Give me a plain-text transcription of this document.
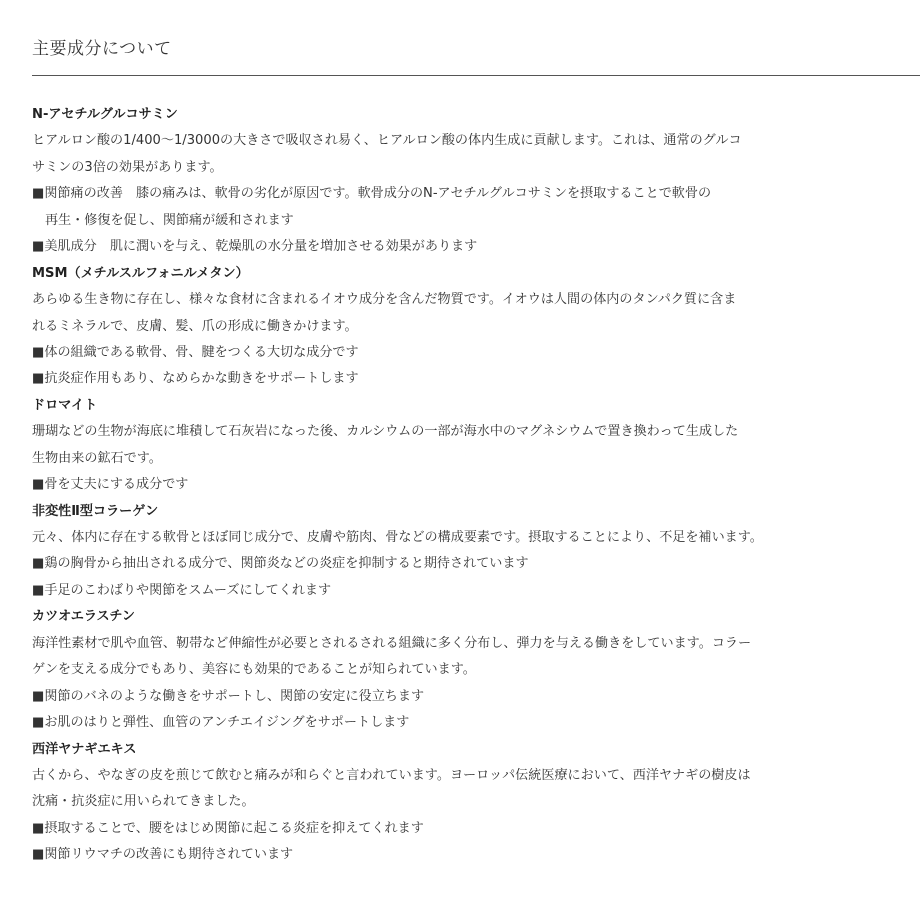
主要成分について
N-アセチルグルコサミン
ヒアルロン酸の1/400～1/3000の大きさで吸収され易く、ヒアルロン酸の体内生成に貢献します。これは、通常のグルコ
サミンの3倍の効果があります。
■関節痛の改善　膝の痛みは、軟骨の劣化が原因です。軟骨成分のN-アセチルグルコサミンを摂取することで軟骨の
再生・修復を促し、関節痛が緩和されます
■美肌成分　肌に潤いを与え、乾燥肌の水分量を増加させる効果があります
MSM（メチルスルフォニルメタン）
あらゆる生き物に存在し、様々な食材に含まれるイオウ成分を含んだ物質です。イオウは人間の体内のタンパク質に含ま
れるミネラルで、皮膚、髪、爪の形成に働きかけます。
■体の組織である軟骨、骨、腱をつくる大切な成分です
■抗炎症作用もあり、なめらかな動きをサポートします
ドロマイト
珊瑚などの生物が海底に堆積して石灰岩になった後、カルシウムの一部が海水中のマグネシウムで置き換わって生成した
生物由来の鉱石です。
■骨を丈夫にする成分です
非変性Ⅱ型コラーゲン
元々、体内に存在する軟骨とほぼ同じ成分で、皮膚や筋肉、骨などの構成要素です。摂取することにより、不足を補います。
■鶏の胸骨から抽出される成分で、関節炎などの炎症を抑制すると期待されています
■手足のこわばりや関節をスムーズにしてくれます
カツオエラスチン
海洋性素材で肌や血管、靭帯など伸縮性が必要とされるされる組織に多く分布し、弾力を与える働きをしています。コラー
ゲンを支える成分でもあり、美容にも効果的であることが知られています。
■関節のバネのような働きをサポートし、関節の安定に役立ちます
■お肌のはりと弾性、血管のアンチエイジングをサポートします
西洋ヤナギエキス
古くから、やなぎの皮を煎じて飲むと痛みが和らぐと言われています。ヨーロッパ伝統医療において、西洋ヤナギの樹皮は
沈痛・抗炎症に用いられてきました。
■摂取することで、腰をはじめ関節に起こる炎症を抑えてくれます
■関節リウマチの改善にも期待されています
